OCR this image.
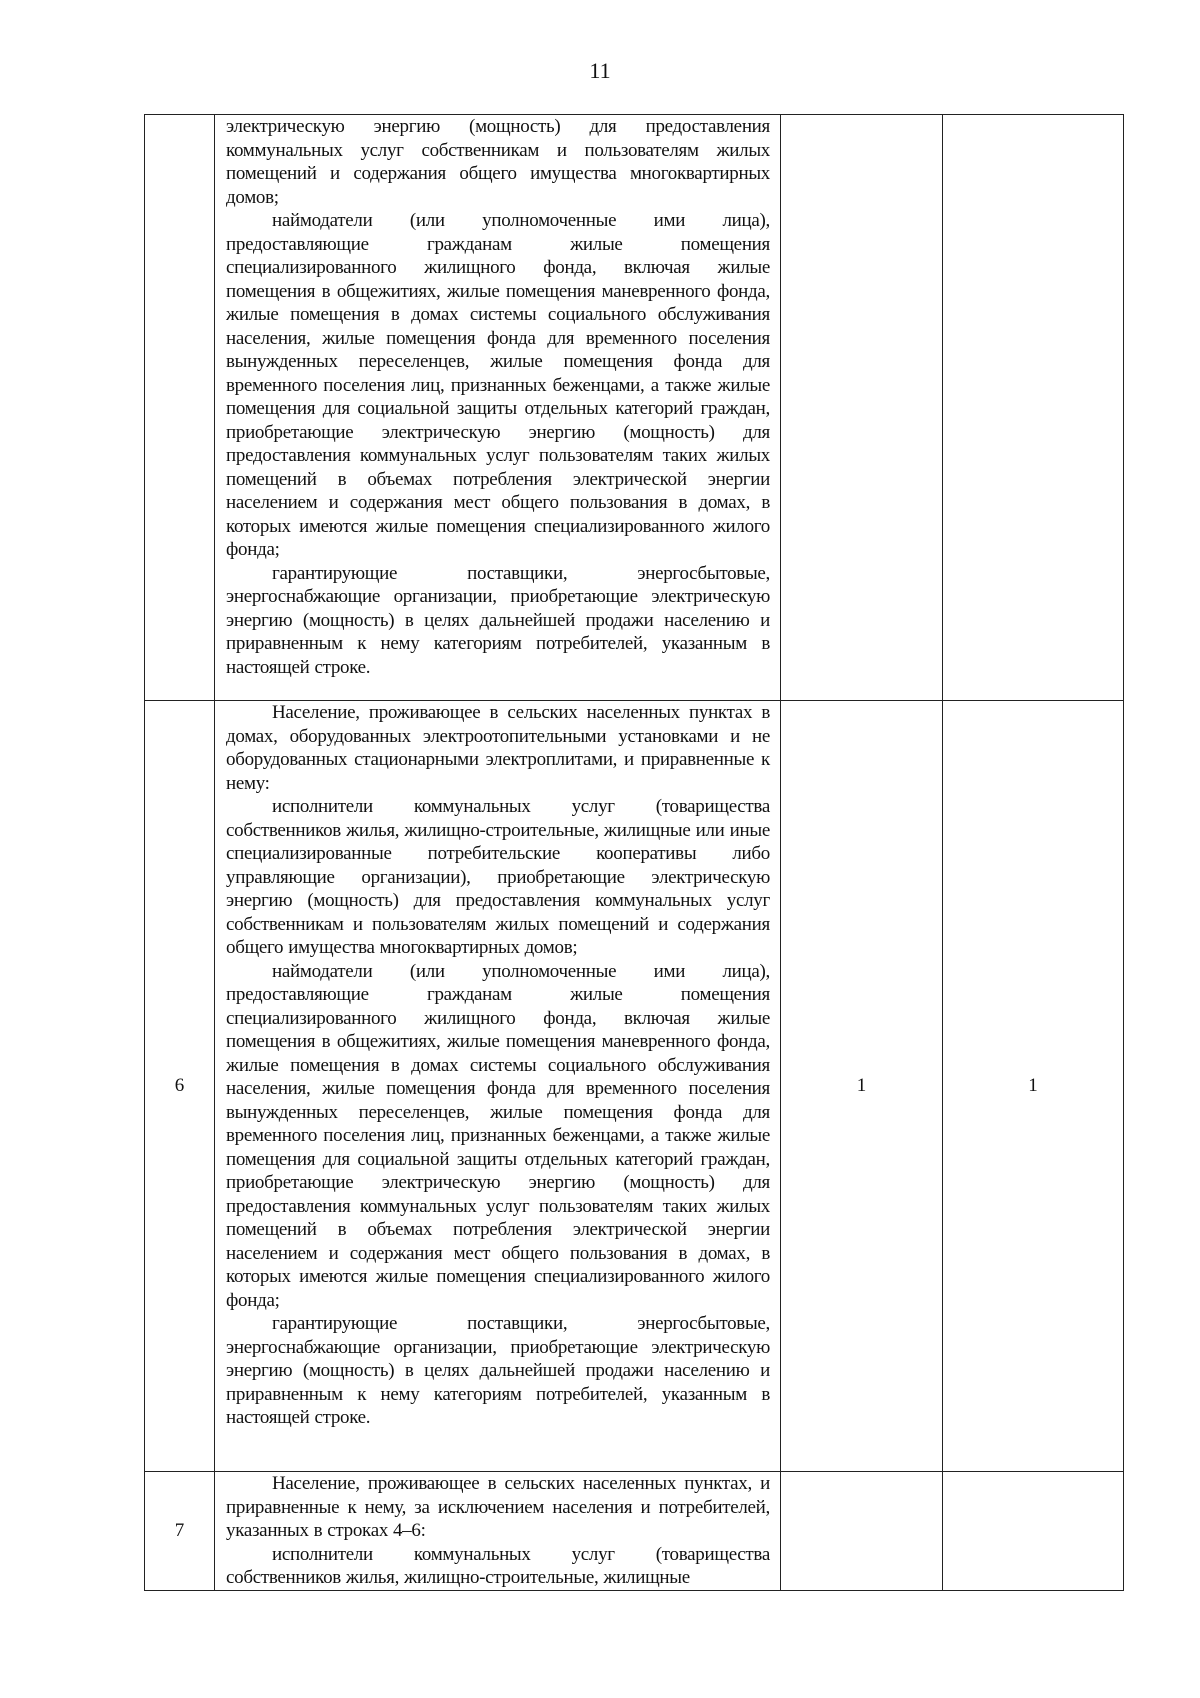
11

	электрическую энергию (мощность) для предоставления коммунальных услуг собственникам и пользователям жилых помещений и содержания общего имущества многоквартирных домов;

наймодатели (или уполномоченные ими лица), предоставляющие гражданам жилые помещения специализированного жилищного фонда, включая жилые помещения в общежитиях, жилые помещения маневренного фонда, жилые помещения в домах системы социального обслуживания населения, жилые помещения фонда для временного поселения вынужденных переселенцев, жилые помещения фонда для временного поселения лиц, признанных беженцами, а также жилые помещения для социальной защиты отдельных категорий граждан, приобретающие электрическую энергию (мощность) для предоставления коммунальных услуг пользователям таких жилых помещений в объемах потребления электрической энергии населением и содержания мест общего пользования в домах, в которых имеются жилые помещения специализированного жилого фонда;

гарантирующие поставщики, энергосбытовые, энергоснабжающие организации, приобретающие электрическую энергию (мощность) в целях дальнейшей продажи населению и приравненным к нему категориям потребителей, указанным в настоящей строке.		

6	Население, проживающее в сельских населенных пунктах в домах, оборудованных электроотопительными установками и не оборудованных стационарными электроплитами, и приравненные к нему:

исполнители коммунальных услуг (товарищества собственников жилья, жилищно-строительные, жилищные или иные специализированные потребительские кооперативы либо управляющие организации), приобретающие электрическую энергию (мощность) для предоставления коммунальных услуг собственникам и пользователям жилых помещений и содержания общего имущества многоквартирных домов;

наймодатели (или уполномоченные ими лица), предоставляющие гражданам жилые помещения специализированного жилищного фонда, включая жилые помещения в общежитиях, жилые помещения маневренного фонда, жилые помещения в домах системы социального обслуживания населения, жилые помещения фонда для временного поселения вынужденных переселенцев, жилые помещения фонда для временного поселения лиц, признанных беженцами, а также жилые помещения для социальной защиты отдельных категорий граждан, приобретающие электрическую энергию (мощность) для предоставления коммунальных услуг пользователям таких жилых помещений в объемах потребления электрической энергии населением и содержания мест общего пользования в домах, в которых имеются жилые помещения специализированного жилого фонда;

гарантирующие поставщики, энергосбытовые, энергоснабжающие организации, приобретающие электрическую энергию (мощность) в целях дальнейшей продажи населению и приравненным к нему категориям потребителей, указанным в настоящей строке.	1	1
7	Население, проживающее в сельских населенных пунктах, и приравненные к нему, за исключением населения и потребителей, указанных в строках 4–6:

исполнители коммунальных услуг (товарищества собственников жилья, жилищно-строительные, жилищные		
